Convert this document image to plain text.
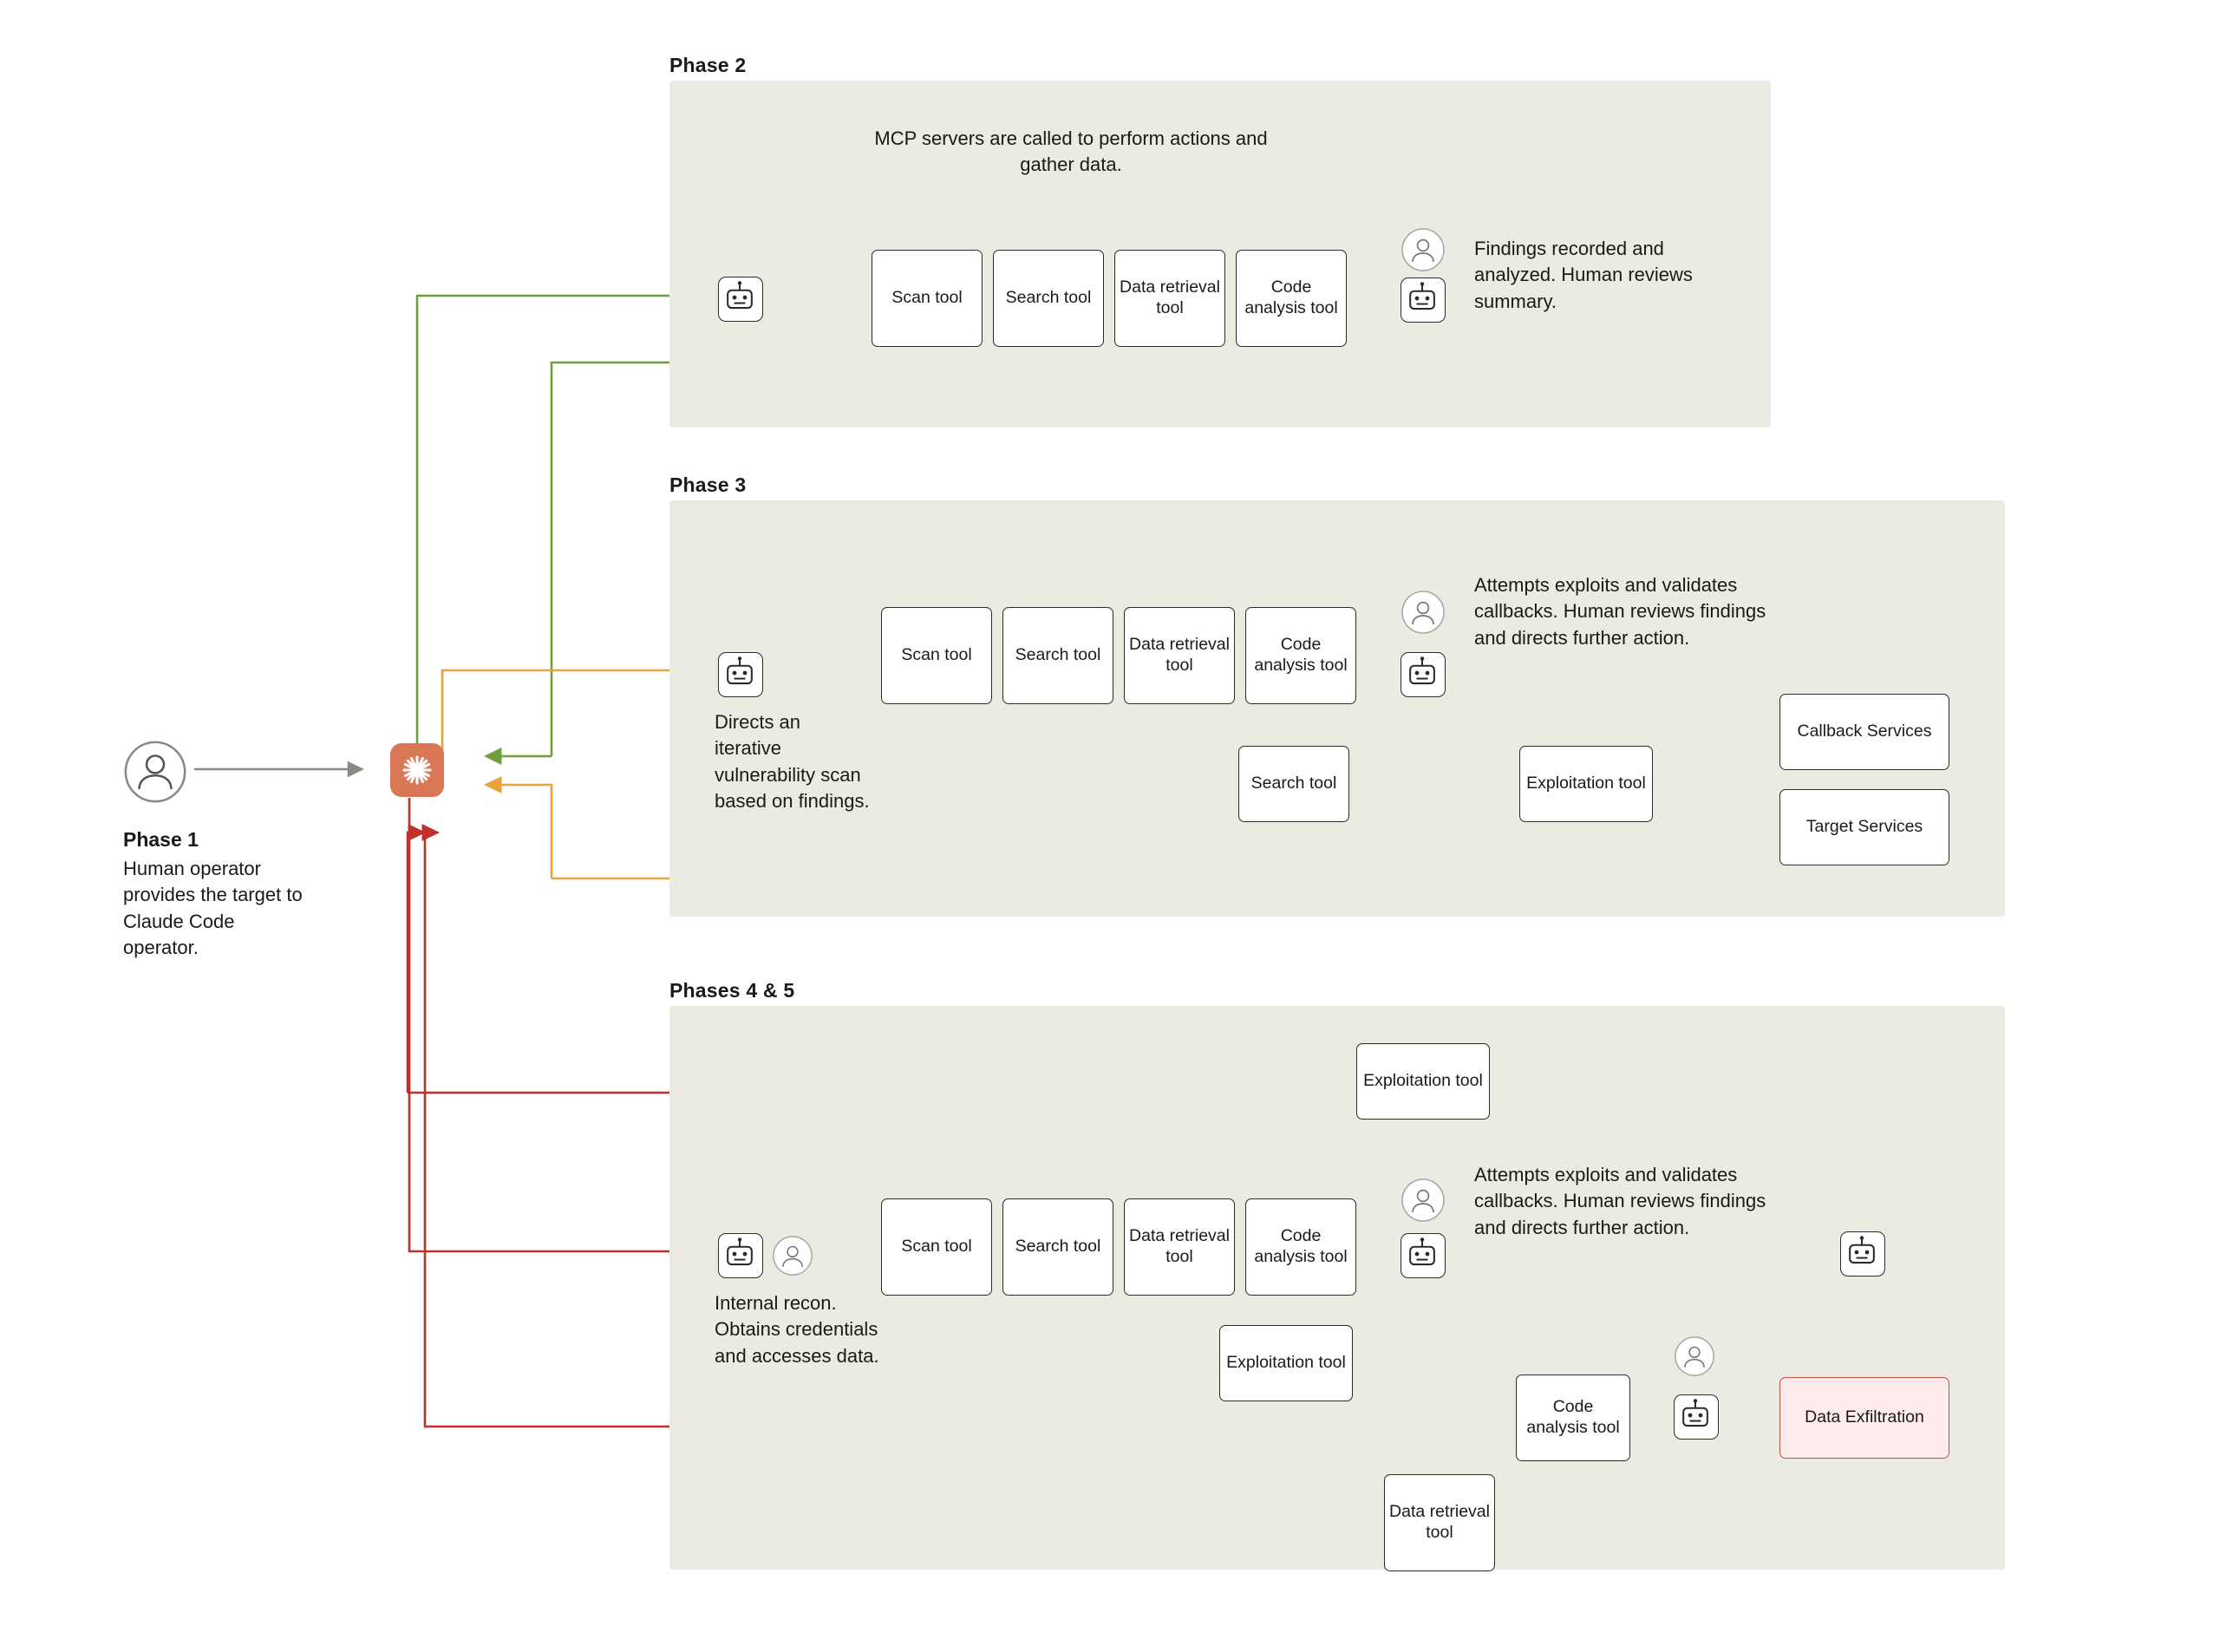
Phase 2
Phase 3
Phases 4 & 5
Phase 1
Human operator provides the target to Claude Code operator.
MCP servers are called to perform actions and gather data.
Scan tool	Search tool
Data retrieval tool
Code analysis tool
Findings recorded and analyzed. Human reviews summary.
Directs an iterative vulnerability scan based on findings.
Scan tool	Search tool
Data retrieval tool
Code analysis tool
Attempts exploits and validates callbacks. Human reviews findings and directs further action.
Search tool	Exploitation tool
Callback Services
Target Services
Internal recon. Obtains credentials and accesses data.
Scan tool	Search tool
Data retrieval tool
Code analysis tool
Exploitation tool
Attempts exploits and validates callbacks. Human reviews findings and directs further action.
Exploitation tool
Code analysis tool
Data retrieval tool
Data Exfiltration
